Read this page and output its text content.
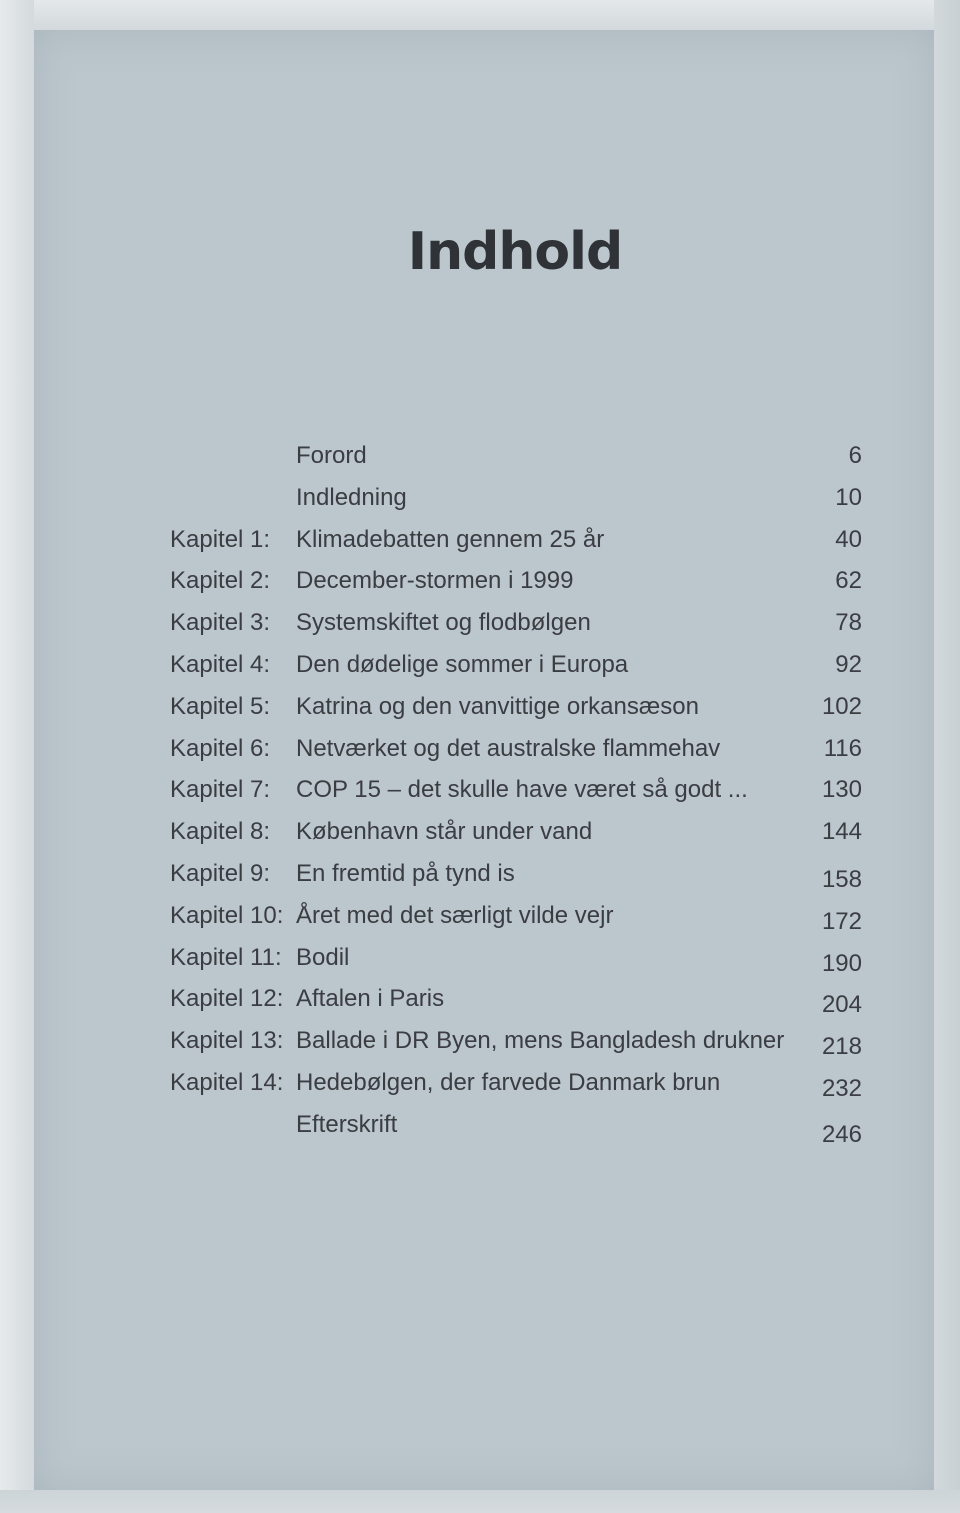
Indhold
Forord	6
Indledning	10
Kapitel 1: Klimadebatten gennem 25 år	40
Kapitel 2: December-stormen i 1999	62
Kapitel 3: Systemskiftet og flodbølgen	78
Kapitel 4: Den dødelige sommer i Europa	92
Kapitel 5: Katrina og den vanvittige orkansæson	102
Kapitel 6: Netværket og det australske flammehav	116
Kapitel 7: COP 15 – det skulle have været så godt ...	130
Kapitel 8: København står under vand	144
Kapitel 9: En fremtid på tynd is	158
Kapitel 10: Året med det særligt vilde vejr	172
Kapitel 11: Bodil	190
Kapitel 12: Aftalen i Paris	204
Kapitel 13: Ballade i DR Byen, mens Bangladesh drukner 218
Kapitel 14: Hedebølgen, der farvede Danmark brun	232
Efterskrift	246
